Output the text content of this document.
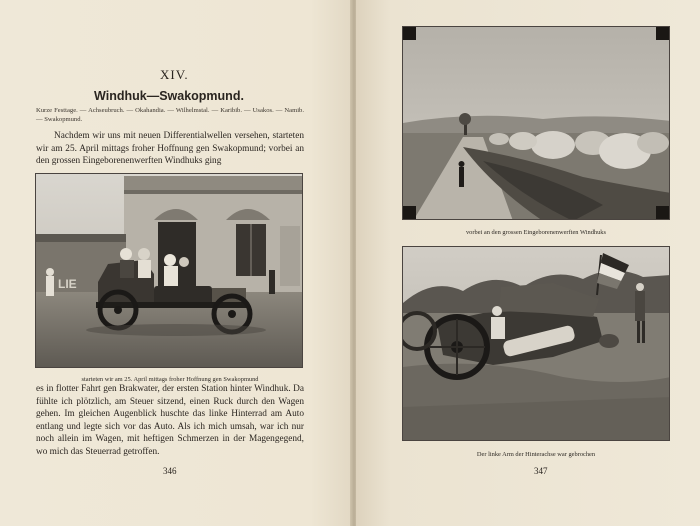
XIV.
Windhuk—Swakopmund.
Kurze Festtage. — Achseubruch. — Okahandia. — Wilhelmstal. — Karibib. — Usakos. — Namib. — Swakopmund.
Nachdem wir uns mit neuen Differentialwellen versehen, starteten wir am 25. April mittags froher Hoffnung gen Swakopmund; vorbei an den grossen Eingeborenenwerften Windhuks ging
LIE
starteten wir am 25. April mittags froher Hoffnung gen Swakopmund
es in flotter Fahrt gen Brakwater, der ersten Station hinter Windhuk. Da fühlte ich plötzlich, am Steuer sitzend, einen Ruck durch den Wagen gehen. Im gleichen Augenblick huschte das linke Hinterrad am Auto entlang und legte sich vor das Auto. Als ich mich umsah, war ich nur noch allein im Wagen, mit heftigen Schmerzen in der Magengegend, wo mich das Steuerrad getroffen.
346
vorbei an den grossen Eingeborenenwerften Windhuks
Der linke Arm der Hinterachse war gebrochen
347
